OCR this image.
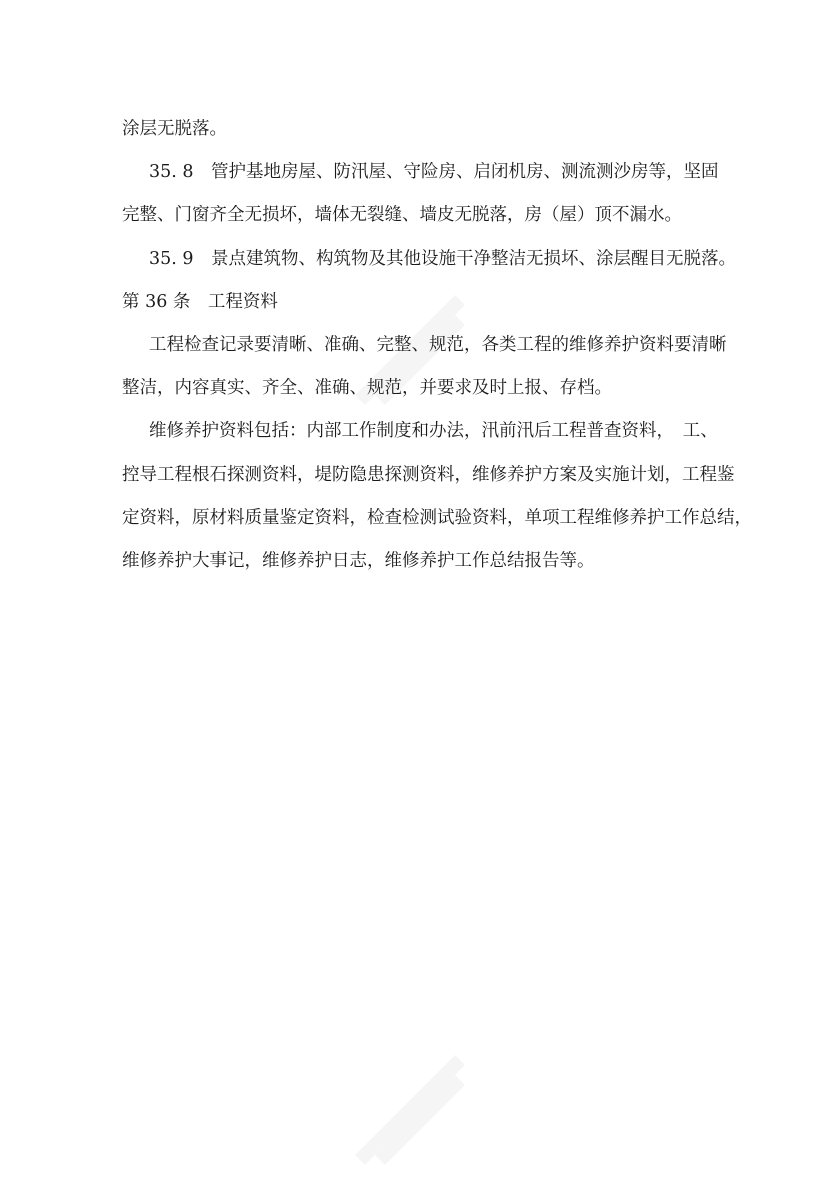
涂层无脱落。
35. 8　管护基地房屋、防汛屋、守险房、启闭机房、测流测沙房等，坚固
完整、门窗齐全无损坏，墙体无裂缝、墙皮无脱落，房（屋）顶不漏水。
35. 9　景点建筑物、构筑物及其他设施干净整洁无损坏、涂层醒目无脱落。
第 36 条　工程资料
工程检查记录要清晰、准确、完整、规范，各类工程的维修养护资料要清晰
整洁，内容真实、齐全、准确、规范，并要求及时上报、存档。
维修养护资料包括：内部工作制度和办法，汛前汛后工程普查资料，　工、
控导工程根石探测资料，堤防隐患探测资料，维修养护方案及实施计划，工程鉴
定资料，原材料质量鉴定资料，检查检测试验资料，单项工程维修养护工作总结，
维修养护大事记，维修养护日志，维修养护工作总结报告等。
